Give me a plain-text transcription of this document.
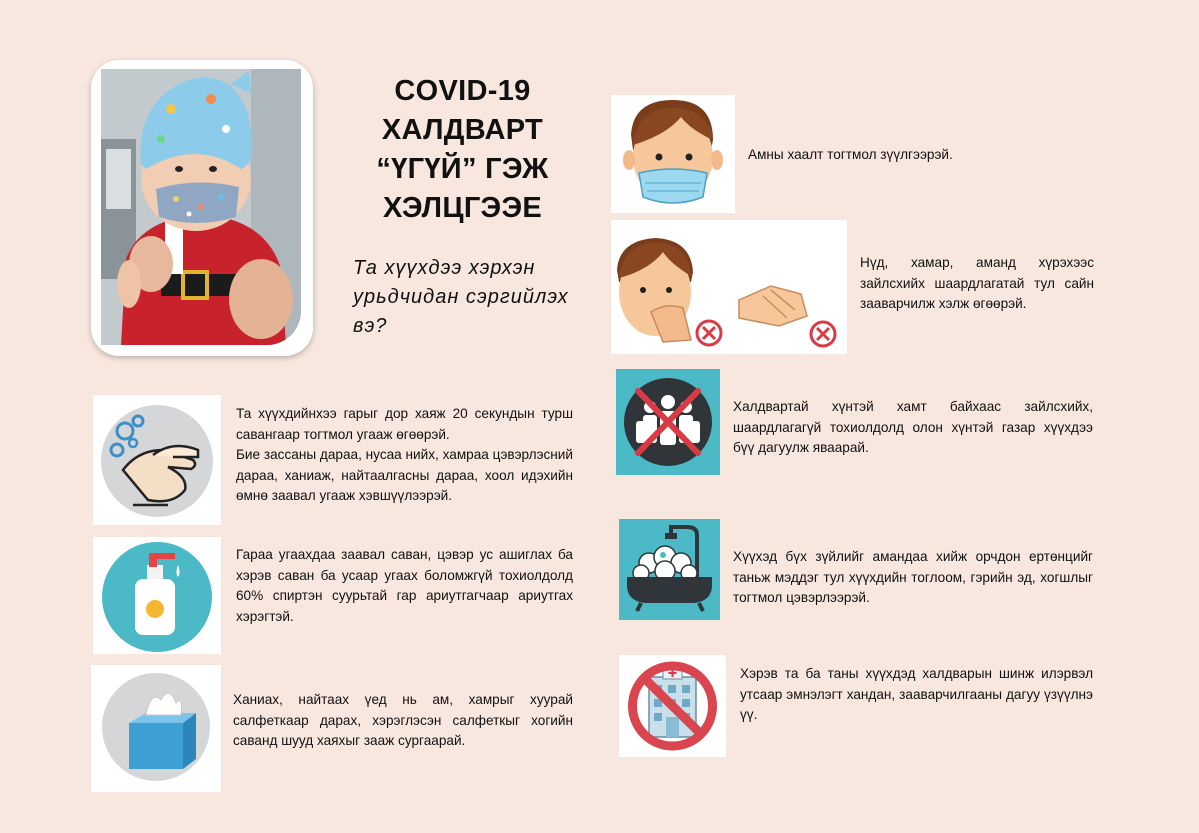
COVID-19
ХАЛДВАРТ
“ҮГҮЙ” ГЭЖ
ХЭЛЦГЭЭЕ
Та хүүхдээ хэрхэн урьдчидан сэргийлэх вэ?
Та хүүхдийнхээ гарыг дор хаяж 20 секундын турш савангаар тогтмол угааж өгөөрэй.
Бие зассаны дараа, нусаа нийх, хамраа цэвэрлэсний дараа, ханиаж, найтаалгасны дараа, хоол идэхийн өмнө заавал угааж хэвшүүлээрэй.
Гараа угаахдаа заавал саван, цэвэр ус ашиглах ба хэрэв саван ба усаар угаах боломжгүй тохиолдолд 60% спиртэн суурьтай гар ариутгагчаар ариутгах хэрэгтэй.
Ханиах, найтаах үед нь ам, хамрыг хуурай салфеткаар дарах, хэрэглэсэн салфеткыг хогийн саванд шууд хаяхыг зааж сургаарай.
Амны хаалт тогтмол зүүлгээрэй.
Нүд, хамар, аманд хүрэхээс зайлсхийх шаардлагатай тул сайн зааварчилж хэлж өгөөрэй.
Халдвартай хүнтэй хамт байхаас зайлсхийх, шаардлагагүй тохиолдолд олон хүнтэй газар хүүхдээ бүү дагуулж яваарай.
Хүүхэд бүх зүйлийг амандаа хийж орчдон ертөнцийг таньж мэддэг тул хүүхдийн тоглоом, гэрийн эд, хогшлыг тогтмол цэвэрлээрэй.
Хэрэв та ба таны хүүхдэд халдварын шинж илэрвэл утсаар эмнэлэгт хандан, зааварчилгааны дагуу үзүүлнэ үү.
